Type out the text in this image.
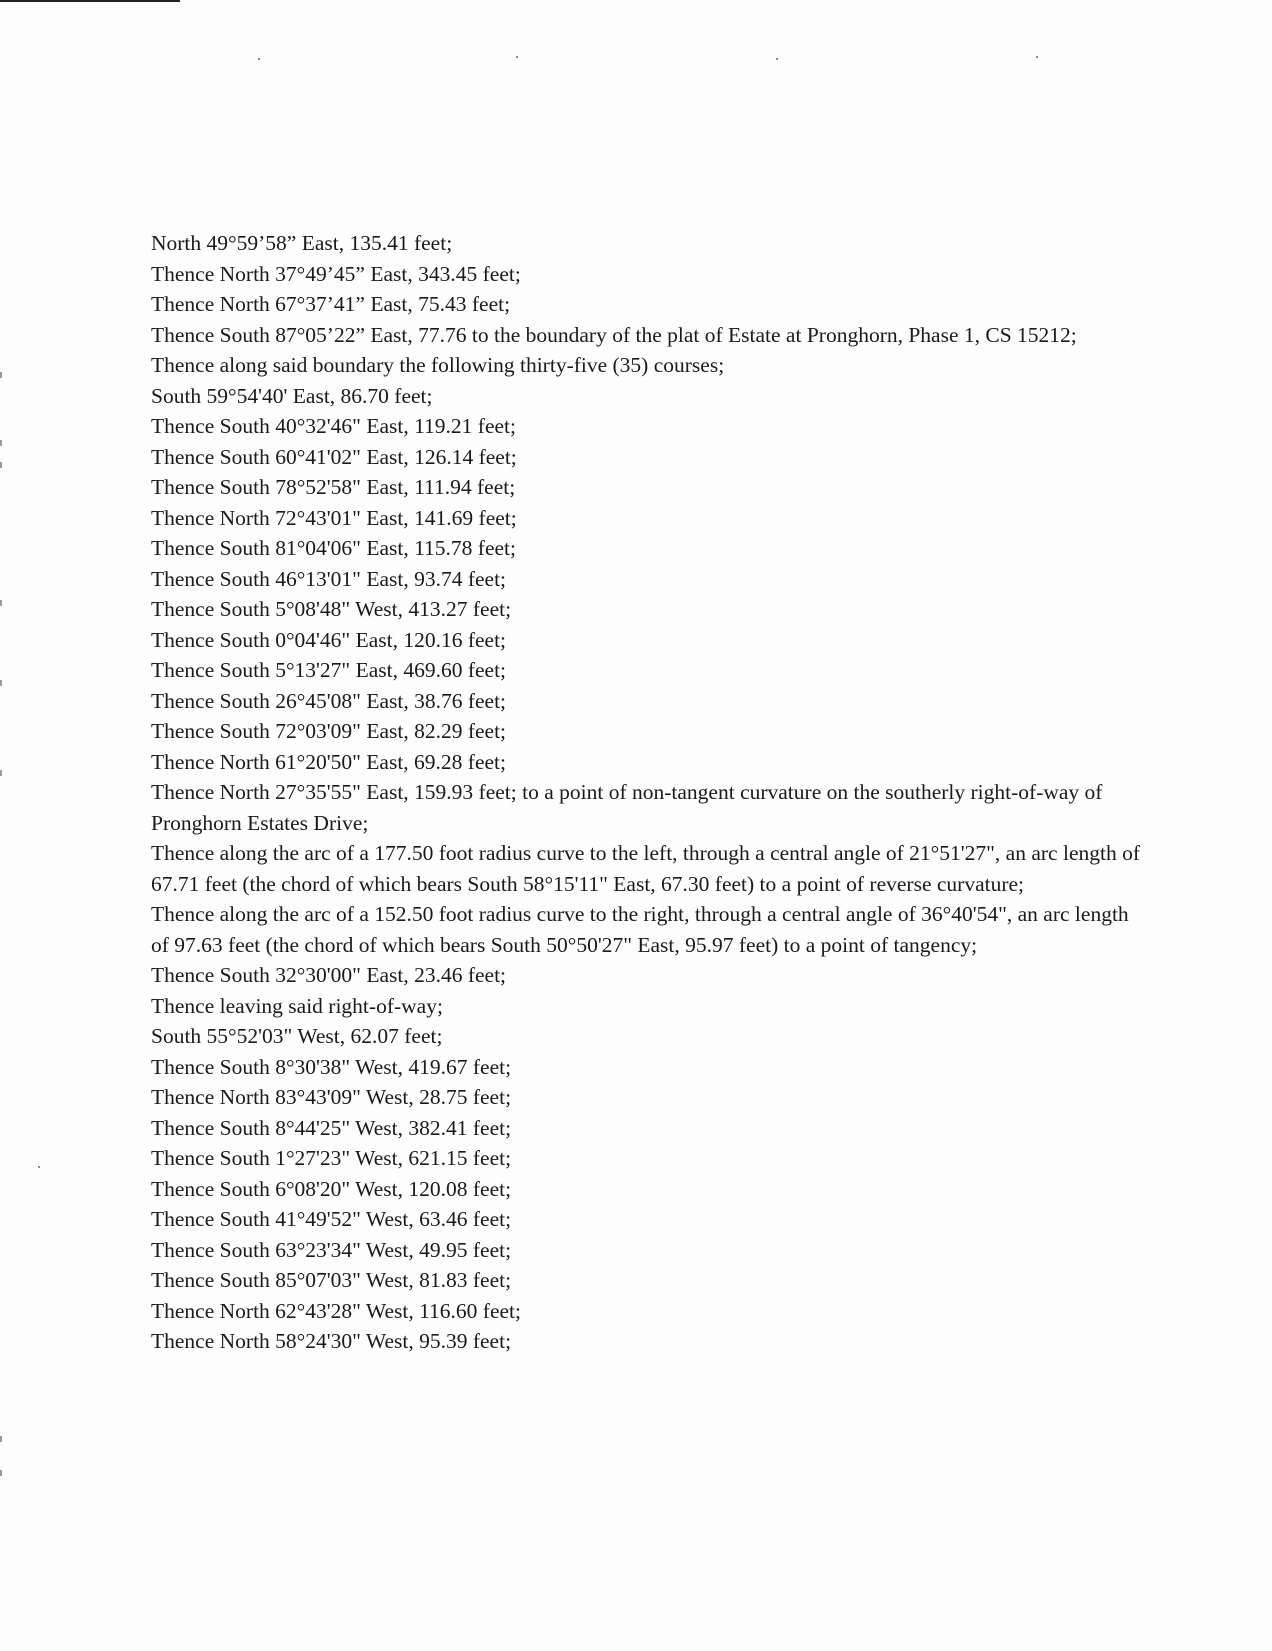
North 49°59’58” East, 135.41 feet;

Thence North 37°49’45” East, 343.45 feet;

Thence North 67°37’41” East, 75.43 feet;

Thence South 87°05’22” East, 77.76 to the boundary of the plat of Estate at Pronghorn, Phase 1, CS 15212;

Thence along said boundary the following thirty-five (35) courses;

South 59°54'40' East, 86.70 feet;

Thence South 40°32'46" East, 119.21 feet;

Thence South 60°41'02" East, 126.14 feet;

Thence South 78°52'58" East, 111.94 feet;

Thence North 72°43'01" East, 141.69 feet;

Thence South 81°04'06" East, 115.78 feet;

Thence South 46°13'01" East, 93.74 feet;

Thence South 5°08'48" West, 413.27 feet;

Thence South 0°04'46" East, 120.16 feet;

Thence South 5°13'27" East, 469.60 feet;

Thence South 26°45'08" East, 38.76 feet;

Thence South 72°03'09" East, 82.29 feet;

Thence North 61°20'50" East, 69.28 feet;

Thence North 27°35'55" East, 159.93 feet; to a point of non-tangent curvature on the southerly right-of-way of Pronghorn Estates Drive;

Thence along the arc of a 177.50 foot radius curve to the left, through a central angle of 21°51'27", an arc length of 67.71 feet (the chord of which bears South 58°15'11" East, 67.30 feet) to a point of reverse curvature;

Thence along the arc of a 152.50 foot radius curve to the right, through a central angle of 36°40'54", an arc length of 97.63 feet (the chord of which bears South 50°50'27" East, 95.97 feet) to a point of tangency;

Thence South 32°30'00" East, 23.46 feet;

Thence leaving said right-of-way;

South 55°52'03" West, 62.07 feet;

Thence South 8°30'38" West, 419.67 feet;

Thence North 83°43'09" West, 28.75 feet;

Thence South 8°44'25" West, 382.41 feet;

Thence South 1°27'23" West, 621.15 feet;

Thence South 6°08'20" West, 120.08 feet;

Thence South 41°49'52" West, 63.46 feet;

Thence South 63°23'34" West, 49.95 feet;

Thence South 85°07'03" West, 81.83 feet;

Thence North 62°43'28" West, 116.60 feet;

Thence North 58°24'30" West, 95.39 feet;
